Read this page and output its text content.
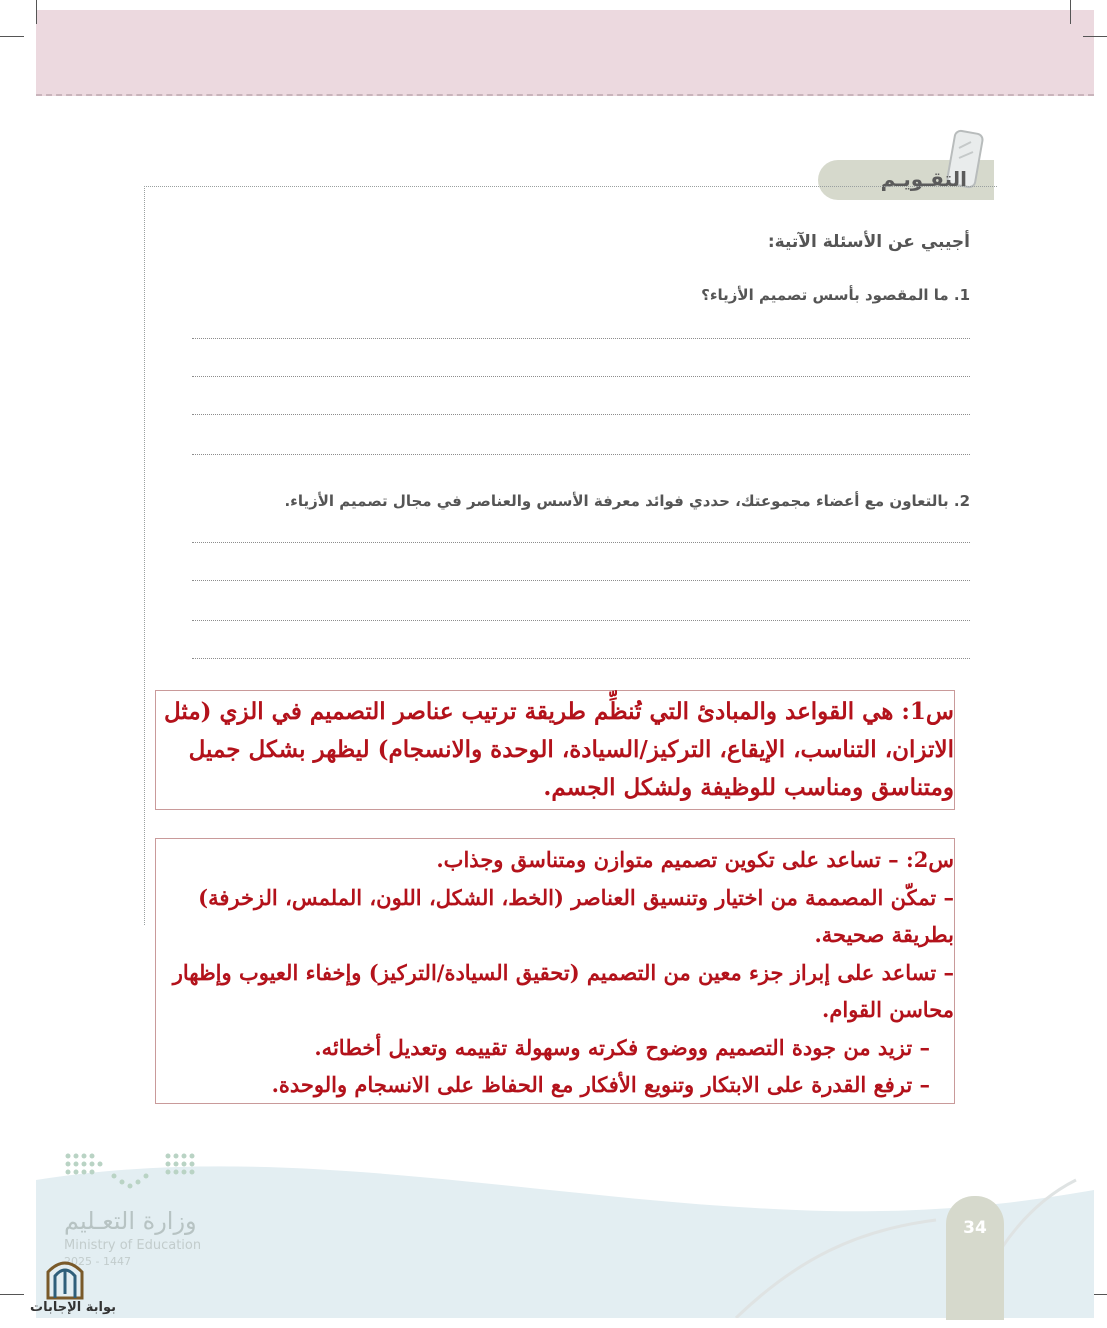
التقـويـم
أجيبي عن الأسئلة الآتية:
1. ما المقصود بأسس تصميم الأزياء؟
2. بالتعاون مع أعضاء مجموعتك، حددي فوائد معرفة الأسس والعناصر في مجال تصميم الأزياء.
س1: هي القواعد والمبادئ التي تُنظِّم طريقة ترتيب عناصر التصميم في الزي (مثل
الاتزان، التناسب، الإيقاع، التركيز/السيادة، الوحدة والانسجام) ليظهر بشكل جميل
ومتناسق ومناسب للوظيفة ولشكل الجسم.
س2: – تساعد على تكوين تصميم متوازن ومتناسق وجذاب.
– تمكّن المصممة من اختيار وتنسيق العناصر (الخط، الشكل، اللون، الملمس، الزخرفة)
بطريقة صحيحة.
– تساعد على إبراز جزء معين من التصميم (تحقيق السيادة/التركيز) وإخفاء العيوب وإظهار
محاسن القوام.
– تزيد من جودة التصميم ووضوح فكرته وسهولة تقييمه وتعديل أخطائه.
– ترفع القدرة على الابتكار وتنويع الأفكار مع الحفاظ على الانسجام والوحدة.
34
وزارة التعـليم
Ministry of Education
2025 - 1447
بوابة الإجابات
